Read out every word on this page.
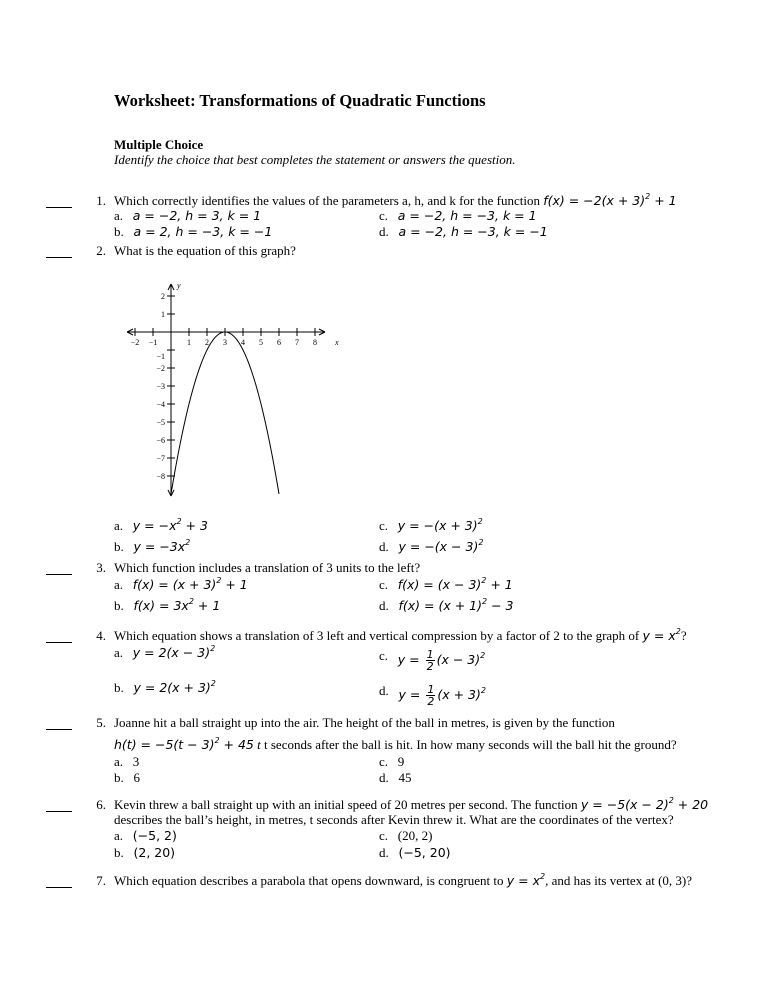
Worksheet: Transformations of Quadratic Functions
Multiple Choice
Identify the choice that best completes the statement or answers the question.
1. Which correctly identifies the values of the parameters a, h, and k for the function $f(x) = -2(x + 3)^2 + 1$
a. a = −2, h = 3, k = 1
b. a = 2, h = −3, k = −1
c. a = −2, h = −3, k = 1
d. a = −2, h = −3, k = −1
2. What is the equation of this graph?
−2 −1	1 2 3 4 5 6 7 8 x
2
1
−1
−2
−3
−4
−5
−6
−7
−8
y
a. $y = -x^2 + 3$
b. $y = -3x^2$
c. $y = -(x + 3)^2$
d. $y = -(x - 3)^2$
3. Which function includes a translation of 3 units to the left?
a. $f(x) = (x + 3)^2 + 1$
b. $f(x) = 3x^2 + 1$
c. $f(x) = (x - 3)^2 + 1$
d. $f(x) = (x + 1)^2 - 3$
4. Which equation shows a translation of 3 left and vertical compression by a factor of 2 to the graph of $y = x^2$?
a. $y = 2(x - 3)^2$
b. $y = 2(x + 3)^2$
c. $y = \frac{1}{2} (x - 3)^2$
d. $y = \frac{1}{2} (x + 3)^2$
5. Joanne hit a ball straight up into the air. The height of the ball in metres, is given by the function
$h(t) = -5(t - 3)^2 + 45$ t t seconds after the ball is hit. In how many seconds will the ball hit the ground?
a. 3
b. 6
c. 9
d. 45
6. Kevin threw a ball straight up with an initial speed of 20 metres per second. The function $y = -5(x - 2)^2 + 20$
describes the ball’s height, in metres, t seconds after Kevin threw it. What are the coordinates of the vertex?
a. (−5, 2)
b. (2, 20)
c. (20, 2)
d. (−5, 20)
7. Which equation describes a parabola that opens downward, is congruent to $y = x^2$, and has its vertex at (0, 3)?
